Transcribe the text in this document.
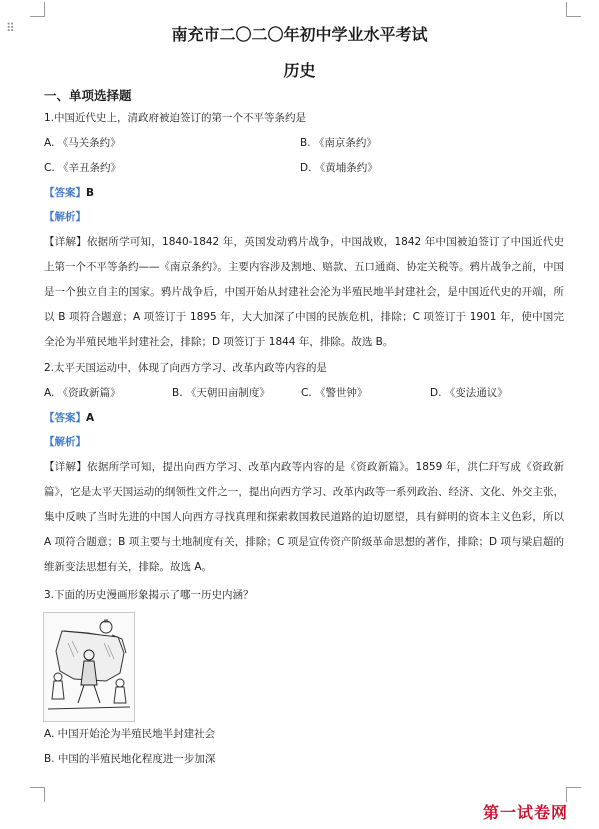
⠿	南充市二〇二〇年初中学业水平考试
历史
一、单项选择题
1.中国近代史上，清政府被迫签订的第一个不平等条约是
A. 《马关条约》	B. 《南京条约》
C. 《辛丑条约》	D. 《黄埔条约》
【答案】B
【解析】
【详解】依据所学可知，1840-1842 年，英国发动鸦片战争，中国战败，1842 年中国被迫签订了中国近代史上第一个不平等条约——《南京条约》。主要内容涉及割地、赔款、五口通商、协定关税等。鸦片战争之前，中国是一个独立自主的国家。鸦片战争后，中国开始从封建社会沦为半殖民地半封建社会，是中国近代史的开端，所以 B 项符合题意；A 项签订于 1895 年，大大加深了中国的民族危机，排除；C 项签订于 1901 年，使中国完全沦为半殖民地半封建社会，排除；D 项签订于 1844 年，排除。故选 B。
2.太平天国运动中，体现了向西方学习、改革内政等内容的是
A. 《资政新篇》	B. 《天朝田亩制度》	C. 《警世钟》	D. 《变法通议》
【答案】A
【解析】
【详解】依据所学可知，提出向西方学习、改革内政等内容的是《资政新篇》。1859 年，洪仁玕写成《资政新篇》，它是太平天国运动的纲领性文件之一，提出向西方学习、改革内政等一系列政治、经济、文化、外交主张，集中反映了当时先进的中国人向西方寻找真理和探索救国救民道路的迫切愿望，具有鲜明的资本主义色彩，所以 A 项符合题意；B 项主要与土地制度有关，排除；C 项是宣传资产阶级革命思想的著作，排除；D 项与梁启超的维新变法思想有关，排除。故选 A。
3.下面的历史漫画形象揭示了哪一历史内涵？
A. 中国开始沦为半殖民地半封建社会
B. 中国的半殖民地化程度进一步加深
第一试卷网
